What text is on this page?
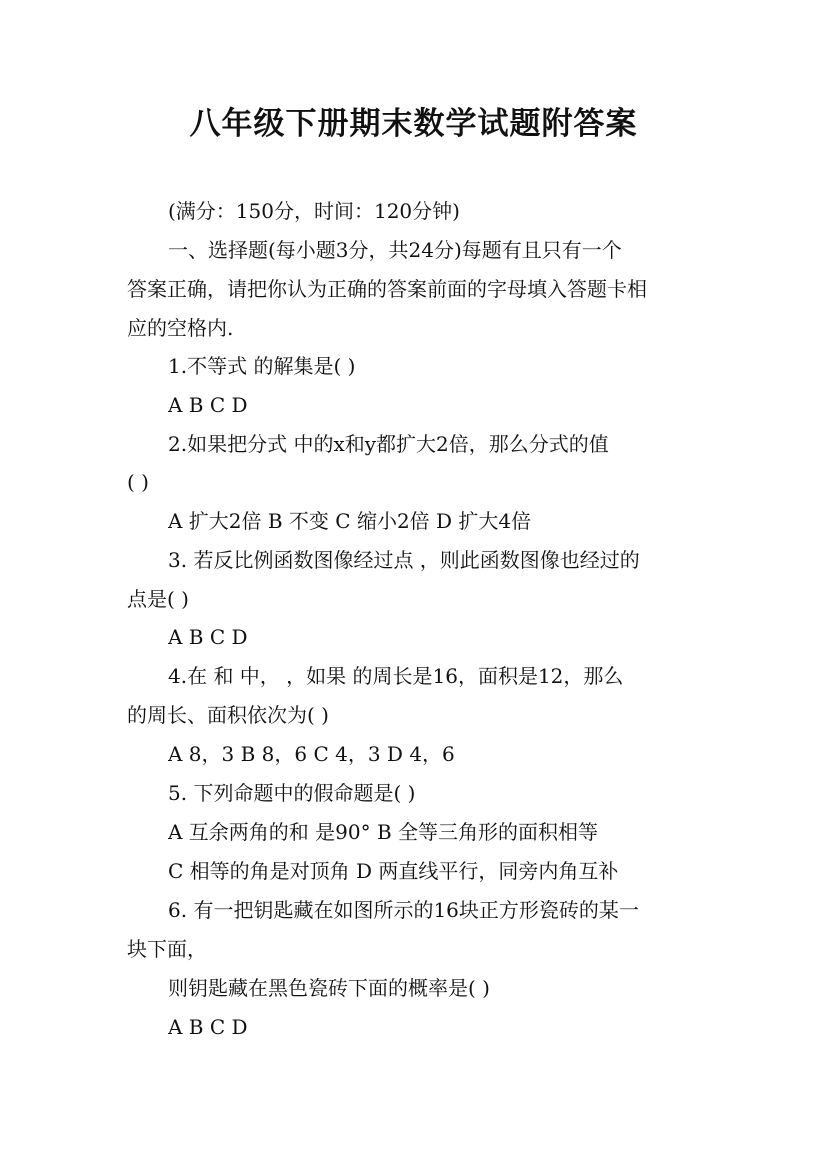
八年级下册期末数学试题附答案
(满分：150分，时间：120分钟)
一、选择题(每小题3分，共24分)每题有且只有一个
答案正确，请把你认为正确的答案前面的字母填入答题卡相
应的空格内.
1.不等式 的解集是( )
A B C D
2.如果把分式 中的x和y都扩大2倍，那么分式的值
( )
A 扩大2倍 B 不变 C 缩小2倍 D 扩大4倍
3. 若反比例函数图像经过点 ，则此函数图像也经过的
点是( )
A B C D
4.在 和 中， ，如果 的周长是16，面积是12，那么
的周长、面积依次为( )
A 8，3 B 8，6 C 4，3 D 4，6
5. 下列命题中的假命题是( )
A 互余两角的和 是90° B 全等三角形的面积相等
C 相等的角是对顶角 D 两直线平行，同旁内角互补
6. 有一把钥匙藏在如图所示的16块正方形瓷砖的某一
块下面，
则钥匙藏在黑色瓷砖下面的概率是( )
A B C D
